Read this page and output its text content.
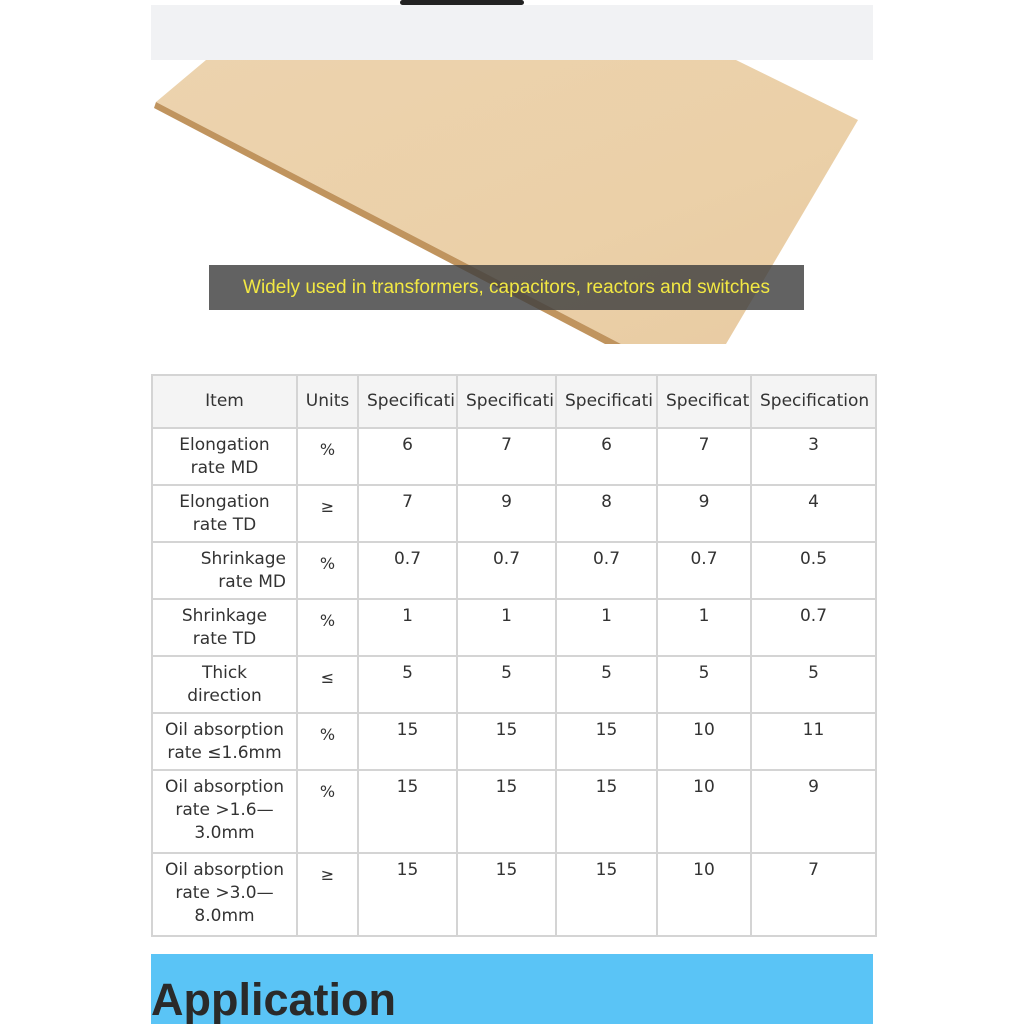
Widely used in transformers, capacitors, reactors and switches
Item	Units	Specificati	Specificati	Specificati	Specificat	Specification

Elongation
rate MD	%	6	7	6	7	3

Elongation
rate TD	≥	7	9	8	9	4

Shrinkage
rate MD	%	0.7	0.7	0.7	0.7	0.5

Shrinkage
rate TD	%	1	1	1	1	0.7

Thick
direction	≤	5	5	5	5	5

Oil absorption
rate ≤1.6mm	%	15	15	15	10	11

Oil absorption
rate >1.6—
3.0mm	%	15	15	15	10	9

Oil absorption
rate >3.0—
8.0mm	≥	15	15	15	10	7
Application
